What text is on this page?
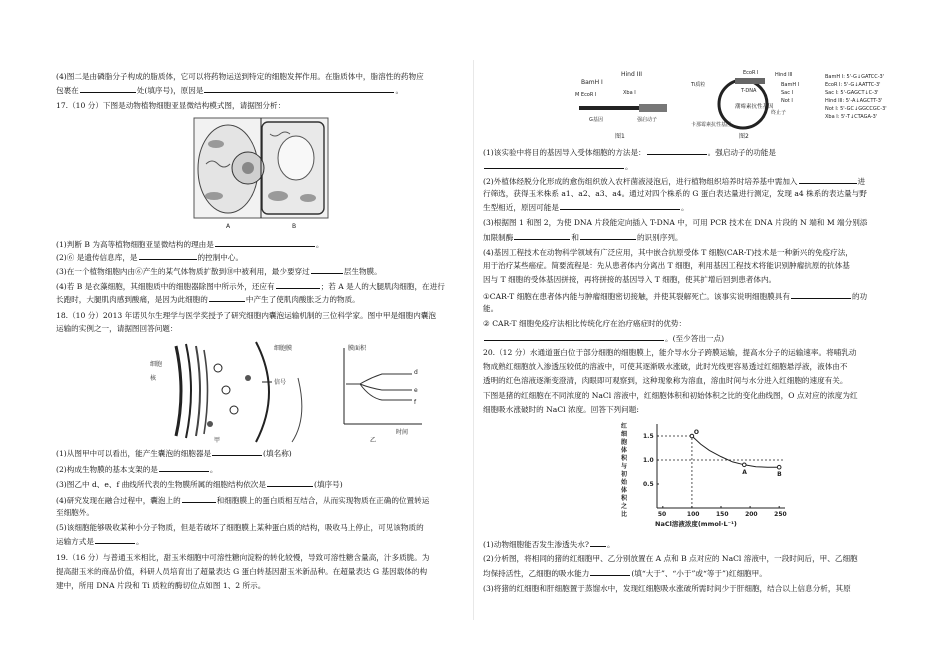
(4)图二是由磷脂分子构成的脂质体，它可以将药物运送到特定的细胞发挥作用。在脂质体中，脂溶性的药物应
包裹在	处(填序号)，原因是	。
17.（10 分）下图是动物植物细胞亚显微结构模式图，请据图分析：
A	B
(1)判断 B 为高等植物细胞亚显微结构的理由是	。
(2)⑥ 是遗传信息库，是	的控制中心。
(3)在一个植物细胞内由⑥产生的某气体物质扩散到⑩中被利用，最少要穿过	层生物膜。
(4)若 B 是衣藻细胞，其细胞质中的细胞器除图中所示外，还应有	；若 A 是人的大腿肌肉细胞，在进行
长跑时，大腿肌肉感到酸痛，是因为此细胞的	中产生了使肌肉酸胀乏力的物质。
18.（10 分）2013 年诺贝尔生理学与医学奖授予了研究细胞内囊泡运输机制的三位科学家。图中甲是细胞内囊泡
运输的实例之一，请据图回答问题：
细胞
核
细胞膜
信号
甲
膜面积
时间
d
e
f
乙
(1)从图甲中可以看出，能产生囊泡的细胞器是	(填名称)
(2)构成生物膜的基本支架的是	。
(3)图乙中 d、e、f 曲线所代表的生物膜所属的细胞结构依次是	(填序号)
(4)研究发现在融合过程中，囊泡上的	和细胞膜上的蛋白质相互结合，从而实现物质在正确的位置转运
至细胞外。
(5)该细胞能够吸收某种小分子物质，但是若破坏了细胞膜上某种蛋白质的结构，吸收马上停止，可见该物质的
运输方式是	。
19.（16 分）与普通玉米相比，甜玉米细胞中可溶性糖向淀粉的转化较慢，导致可溶性糖含量高，汁多质脆。为
提高甜玉米的商品价值，科研人员培育出了超量表达 G 蛋白转基因甜玉米新品种。在超量表达 G 基因载体的构
建中，所用 DNA 片段和 Ti 质粒的酶切位点如图 1、2 所示。
BamH I
Hind III
M EcoR I	Xba I
G基因	强启动子
图1
潮霉素抗性基因
T-DNA
Ti质粒
卡那霉素抗性基因
EcoR I	Hind III
BamH I
Sac I
Not I
终止子
图2
BamH I: 5'-G↓GATCC-3'
EcoR I: 5'-G↓AATTC-3'
Sac I: 5'-GAGCT↓C-3'
Hind III: 5'-A↓AGCTT-3'
Not I: 5'-GC↓GGCCGC-3'
Xba I: 5'-T↓CTAGA-3'
(1)该实验中将目的基因导入受体细胞的方法是：	。强启动子的功能是
。
(2)外植体经脱分化形成的愈伤组织放入农杆菌液浸泡后，进行植物组织培养时培养基中需加入	进
行筛选，获得玉米株系 a1、a2、a3、a4。通过对四个株系的 G 蛋白表达量进行测定，发现 a4 株系的表达量与野
生型相近，原因可能是	。
(3)根据图 1 和图 2，为使 DNA 片段能定向插入 T-DNA 中，可用 PCR 技术在 DNA 片段的 N 端和 M 端分别添
加限制酶	和	的识别序列。
(4)基因工程技术在动物科学领域有广泛应用，其中嵌合抗原受体 T 细胞(CAR-T)技术是一种新兴的免疫疗法，
用于治疗某些癌症。简要流程是：先从患者体内分离出 T 细胞，利用基因工程技术将能识别肿瘤抗原的抗体基
因与 T 细胞的受体基因拼接，再将拼接的基因导入 T 细胞，使其扩增后回到患者体内。
①CAR-T 细胞在患者体内能与肿瘤细胞密切接触，并使其裂解死亡。该事实说明细胞膜具有	的功
能。
② CAR-T 细胞免疫疗法相比传统化疗在治疗癌症时的优势：
。(至少答出一点)
20.（12 分）水通道蛋白位于部分细胞的细胞膜上，能介导水分子跨膜运输，提高水分子的运输速率。将哺乳动
物成熟红细胞放入渗透压较低的溶液中，可使其逐渐吸水涨破，此时光线更容易透过红细胞悬浮液，液体由不
透明的红色溶液逐渐变澄清，肉眼即可观察到，这种现象称为溶血，溶血时间与水分进入红细胞的速度有关。
下图是猪的红细胞在不同浓度的 NaCl 溶液中，红细胞体积和初始体积之比的变化曲线图，O 点对应的浓度为红
细胞吸水涨破时的 NaCl 浓度。回答下列问题:
红
细
胞
体
积
与
初
始
体
积
之
比	50	100	150	200	250
0.5
1.0
1.5
O
A	B
NaCl溶液浓度(mmol·L⁻¹)
(1)动物细胞能否发生渗透失水? 。
(2)分析图，将相同的猪的红细胞甲、乙分别放置在 A 点和 B 点对应的 NaCl 溶液中，一段时间后，甲、乙细胞
均保持活性，乙细胞的吸水能力	(填“大于”、“小于”或“等于”)红细胞甲。
(3)将猪的红细胞和肝细胞置于蒸馏水中，发现红细胞吸水涨破所需时间少于肝细胞，结合以上信息分析，其原
